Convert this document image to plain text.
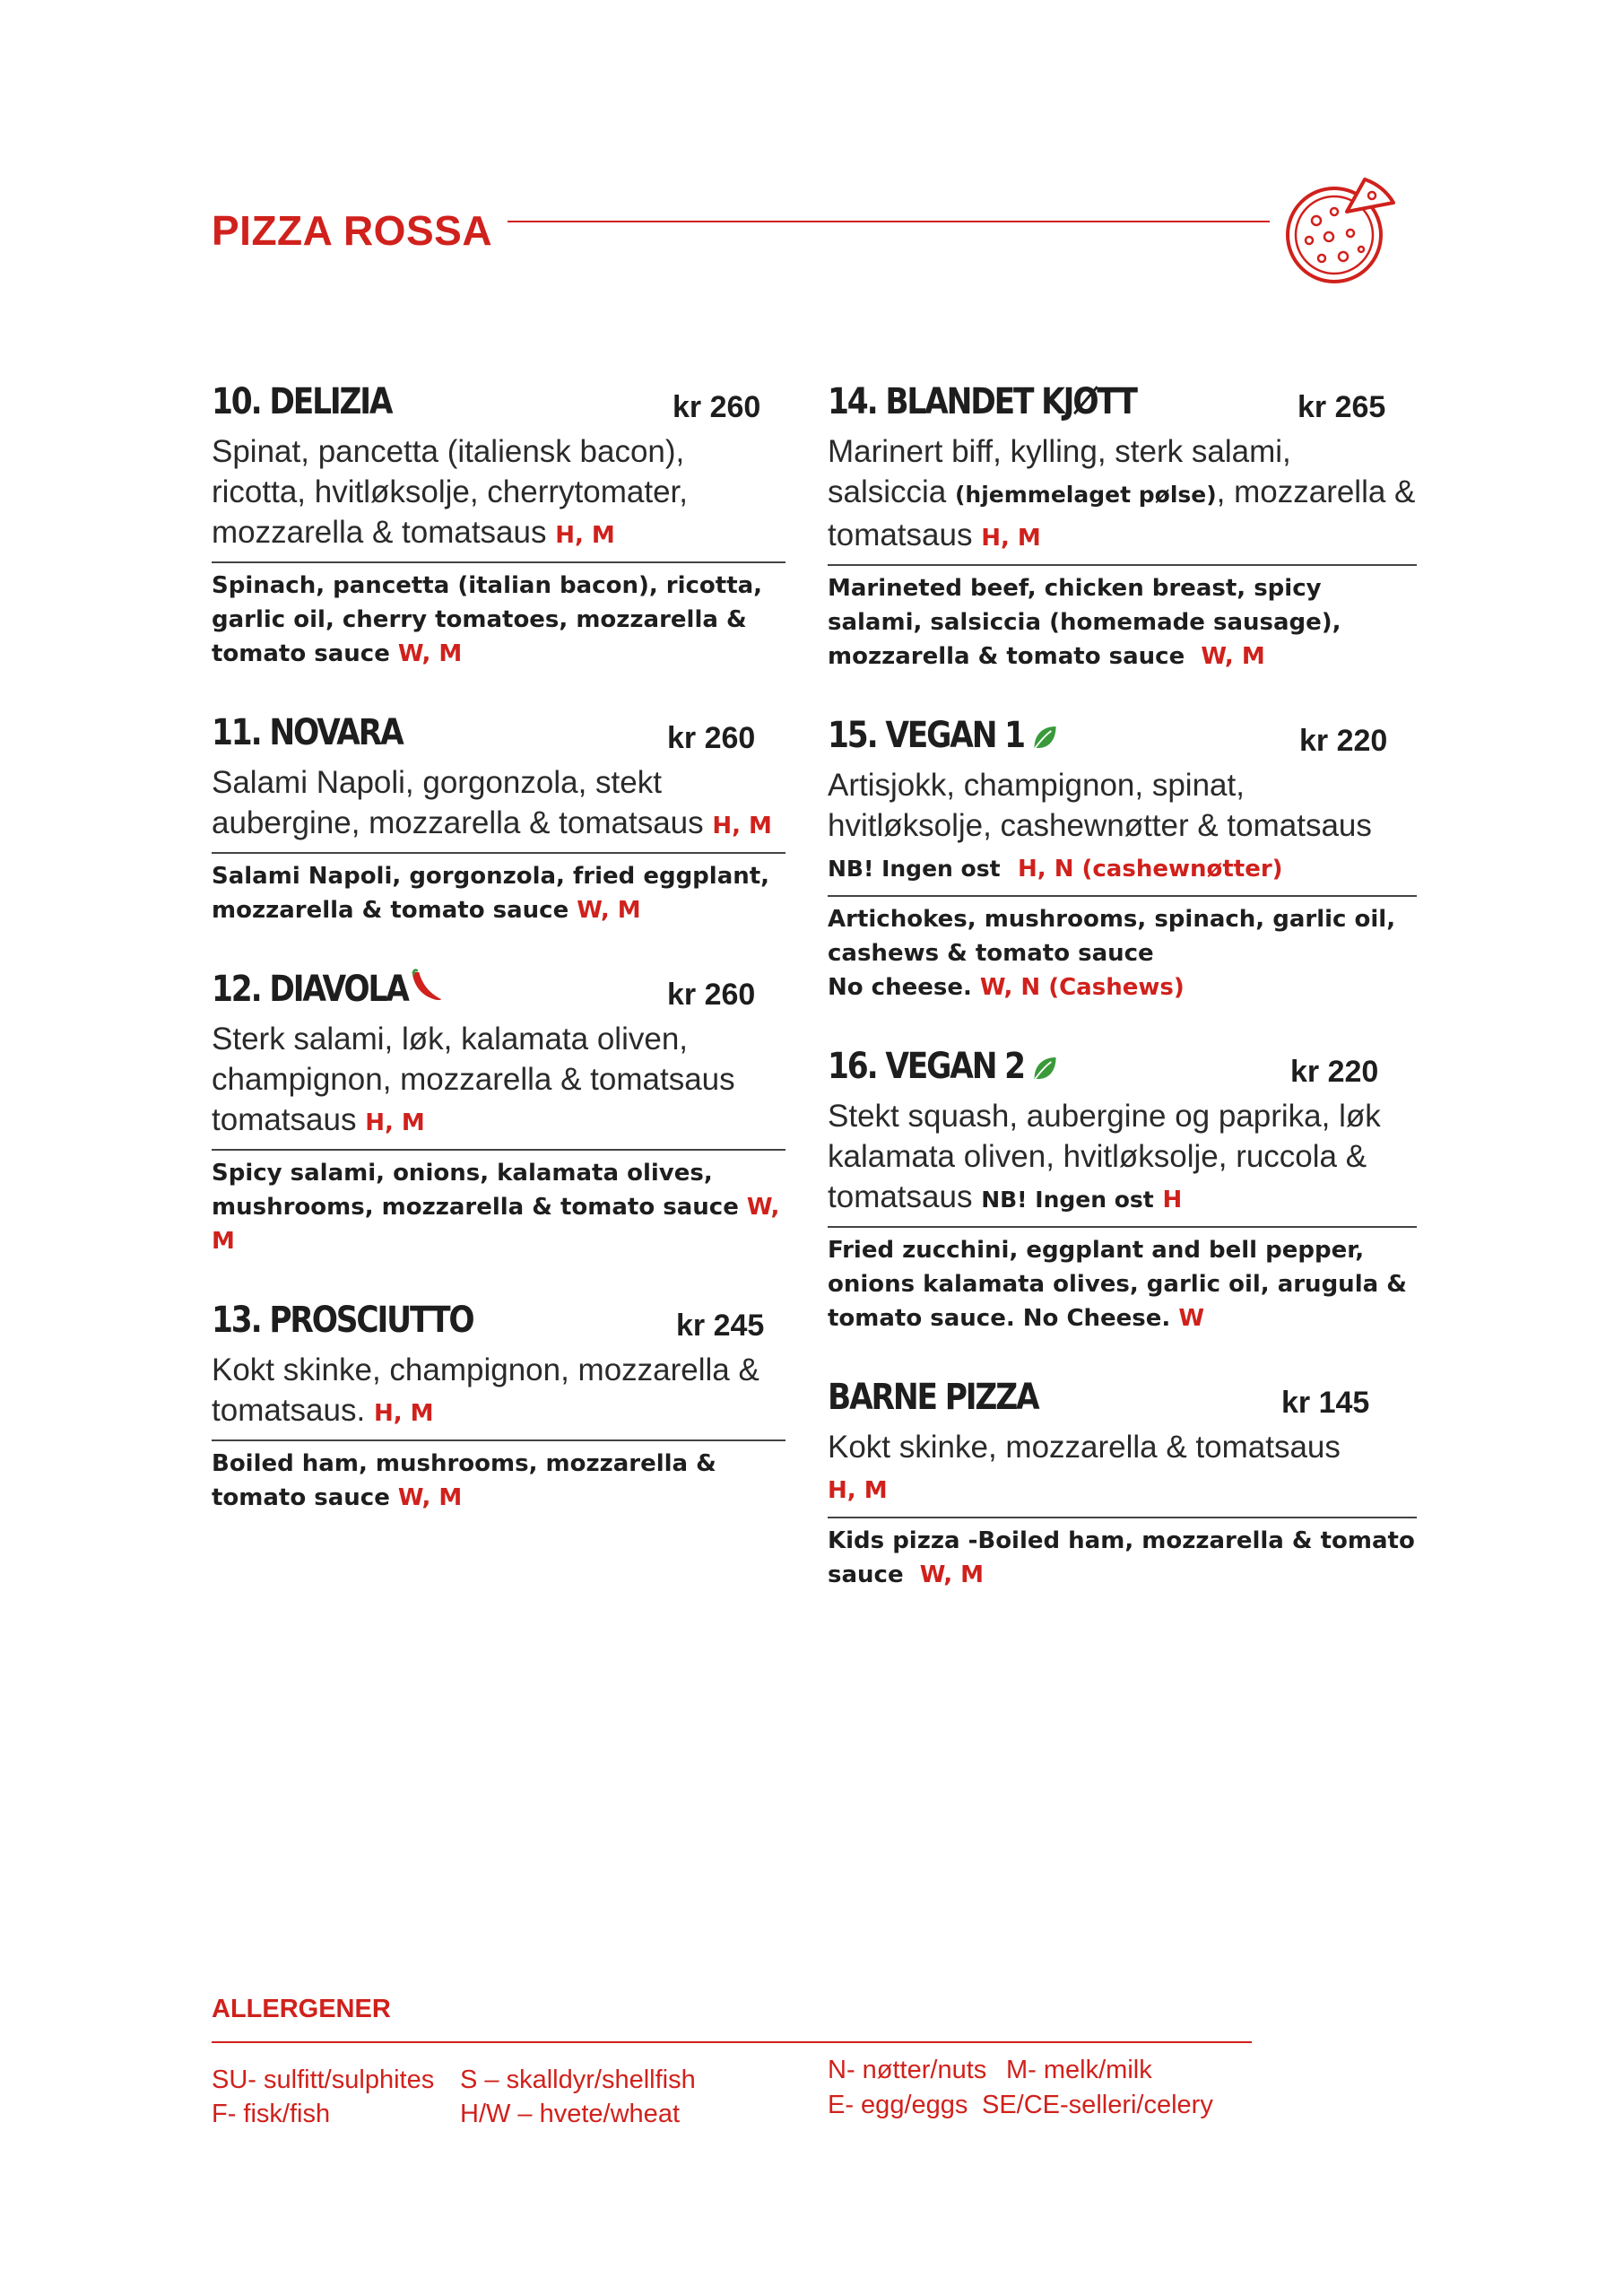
PIZZA ROSSA
10. DELIZIA	kr 260

Spinat, pancetta (italiensk bacon), ricotta, hvitløksolje, cherrytomater, mozzarella & tomatsaus H, M

Spinach, pancetta (italian bacon), ricotta, garlic oil, cherry tomatoes, mozzarella & tomato sauce W, M

11. NOVARA	kr 260

Salami Napoli, gorgonzola, stekt aubergine, mozzarella & tomatsaus H, M

Salami Napoli, gorgonzola, fried eggplant, mozzarella & tomato sauce W, M

12. DIAVOLA	kr 260

Sterk salami, løk, kalamata oliven, champignon, mozzarella & tomatsaus tomatsaus H, M

Spicy salami, onions, kalamata olives, mushrooms, mozzarella & tomato sauce W, M

13. PROSCIUTTO	kr 245

Kokt skinke, champignon, mozzarella & tomatsaus. H, M

Boiled ham, mushrooms, mozzarella & tomato sauce W, M

14. BLANDET KJØTT	kr 265

Marinert biff, kylling, sterk salami, salsiccia (hjemmelaget pølse), mozzarella & tomatsaus H, M

Marineted beef, chicken breast, spicy salami, salsiccia (homemade sausage), mozzarella & tomato sauce W, M

15. VEGAN 1	kr 220

Artisjokk, champignon, spinat, hvitløksolje, cashewnøtter & tomatsaus
NB! Ingen ost H, N (cashewnøtter)

Artichokes, mushrooms, spinach, garlic oil, cashews & tomato sauce
No cheese. W, N (Cashews)

16. VEGAN 2	kr 220

Stekt squash, aubergine og paprika, løk kalamata oliven, hvitløksolje, ruccola & tomatsaus NB! Ingen ost H

Fried zucchini, eggplant and bell pepper, onions kalamata olives, garlic oil, arugula & tomato sauce. No Cheese. W

BARNE PIZZA	kr 145

Kokt skinke, mozzarella & tomatsaus
H, M

Kids pizza -Boiled ham, mozzarella & tomato sauce W, M

ALLERGENER
SU- sulfitt/sulphites S – skalldyr/shellfish
F- fisk/fish	H/W – hvete/wheat
N- nøtter/nuts M- melk/milk
E- egg/eggs SE/CE-selleri/celery
